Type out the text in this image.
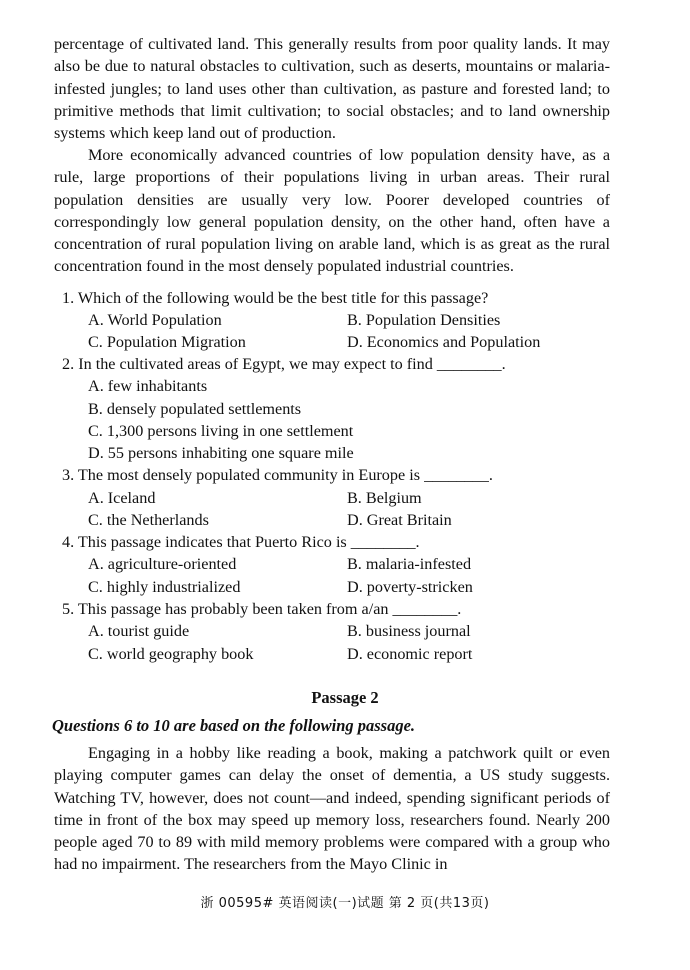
percentage of cultivated land. This generally results from poor quality lands. It may also be due to natural obstacles to cultivation, such as deserts, mountains or malaria-infested jungles; to land uses other than cultivation, as pasture and forested land; to primitive methods that limit cultivation; to social obstacles; and to land ownership systems which keep land out of production.

More economically advanced countries of low population density have, as a rule, large proportions of their populations living in urban areas. Their rural population densities are usually very low. Poorer developed countries of correspondingly low general population density, on the other hand, often have a concentration of rural population living on arable land, which is as great as the rural concentration found in the most densely populated industrial countries.

1. Which of the following would be the best title for this passage?
A. World Population	B. Population Densities
C. Population Migration	D. Economics and Population
2. In the cultivated areas of Egypt, we may expect to find ________.
A. few inhabitants
B. densely populated settlements
C. 1,300 persons living in one settlement
D. 55 persons inhabiting one square mile
3. The most densely populated community in Europe is ________.
A. Iceland	B. Belgium
C. the Netherlands	D. Great Britain
4. This passage indicates that Puerto Rico is ________.
A. agriculture-oriented	B. malaria-infested
C. highly industrialized	D. poverty-stricken
5. This passage has probably been taken from a/an ________.
A. tourist guide	B. business journal
C. world geography book	D. economic report
Passage 2
Questions 6 to 10 are based on the following passage.

Engaging in a hobby like reading a book, making a patchwork quilt or even playing computer games can delay the onset of dementia, a US study suggests. Watching TV, however, does not count—and indeed, spending significant periods of time in front of the box may speed up memory loss, researchers found. Nearly 200 people aged 70 to 89 with mild memory problems were compared with a group who had no impairment. The researchers from the Mayo Clinic in

浙 00595# 英语阅读(一)试题 第 2 页(共13页)
